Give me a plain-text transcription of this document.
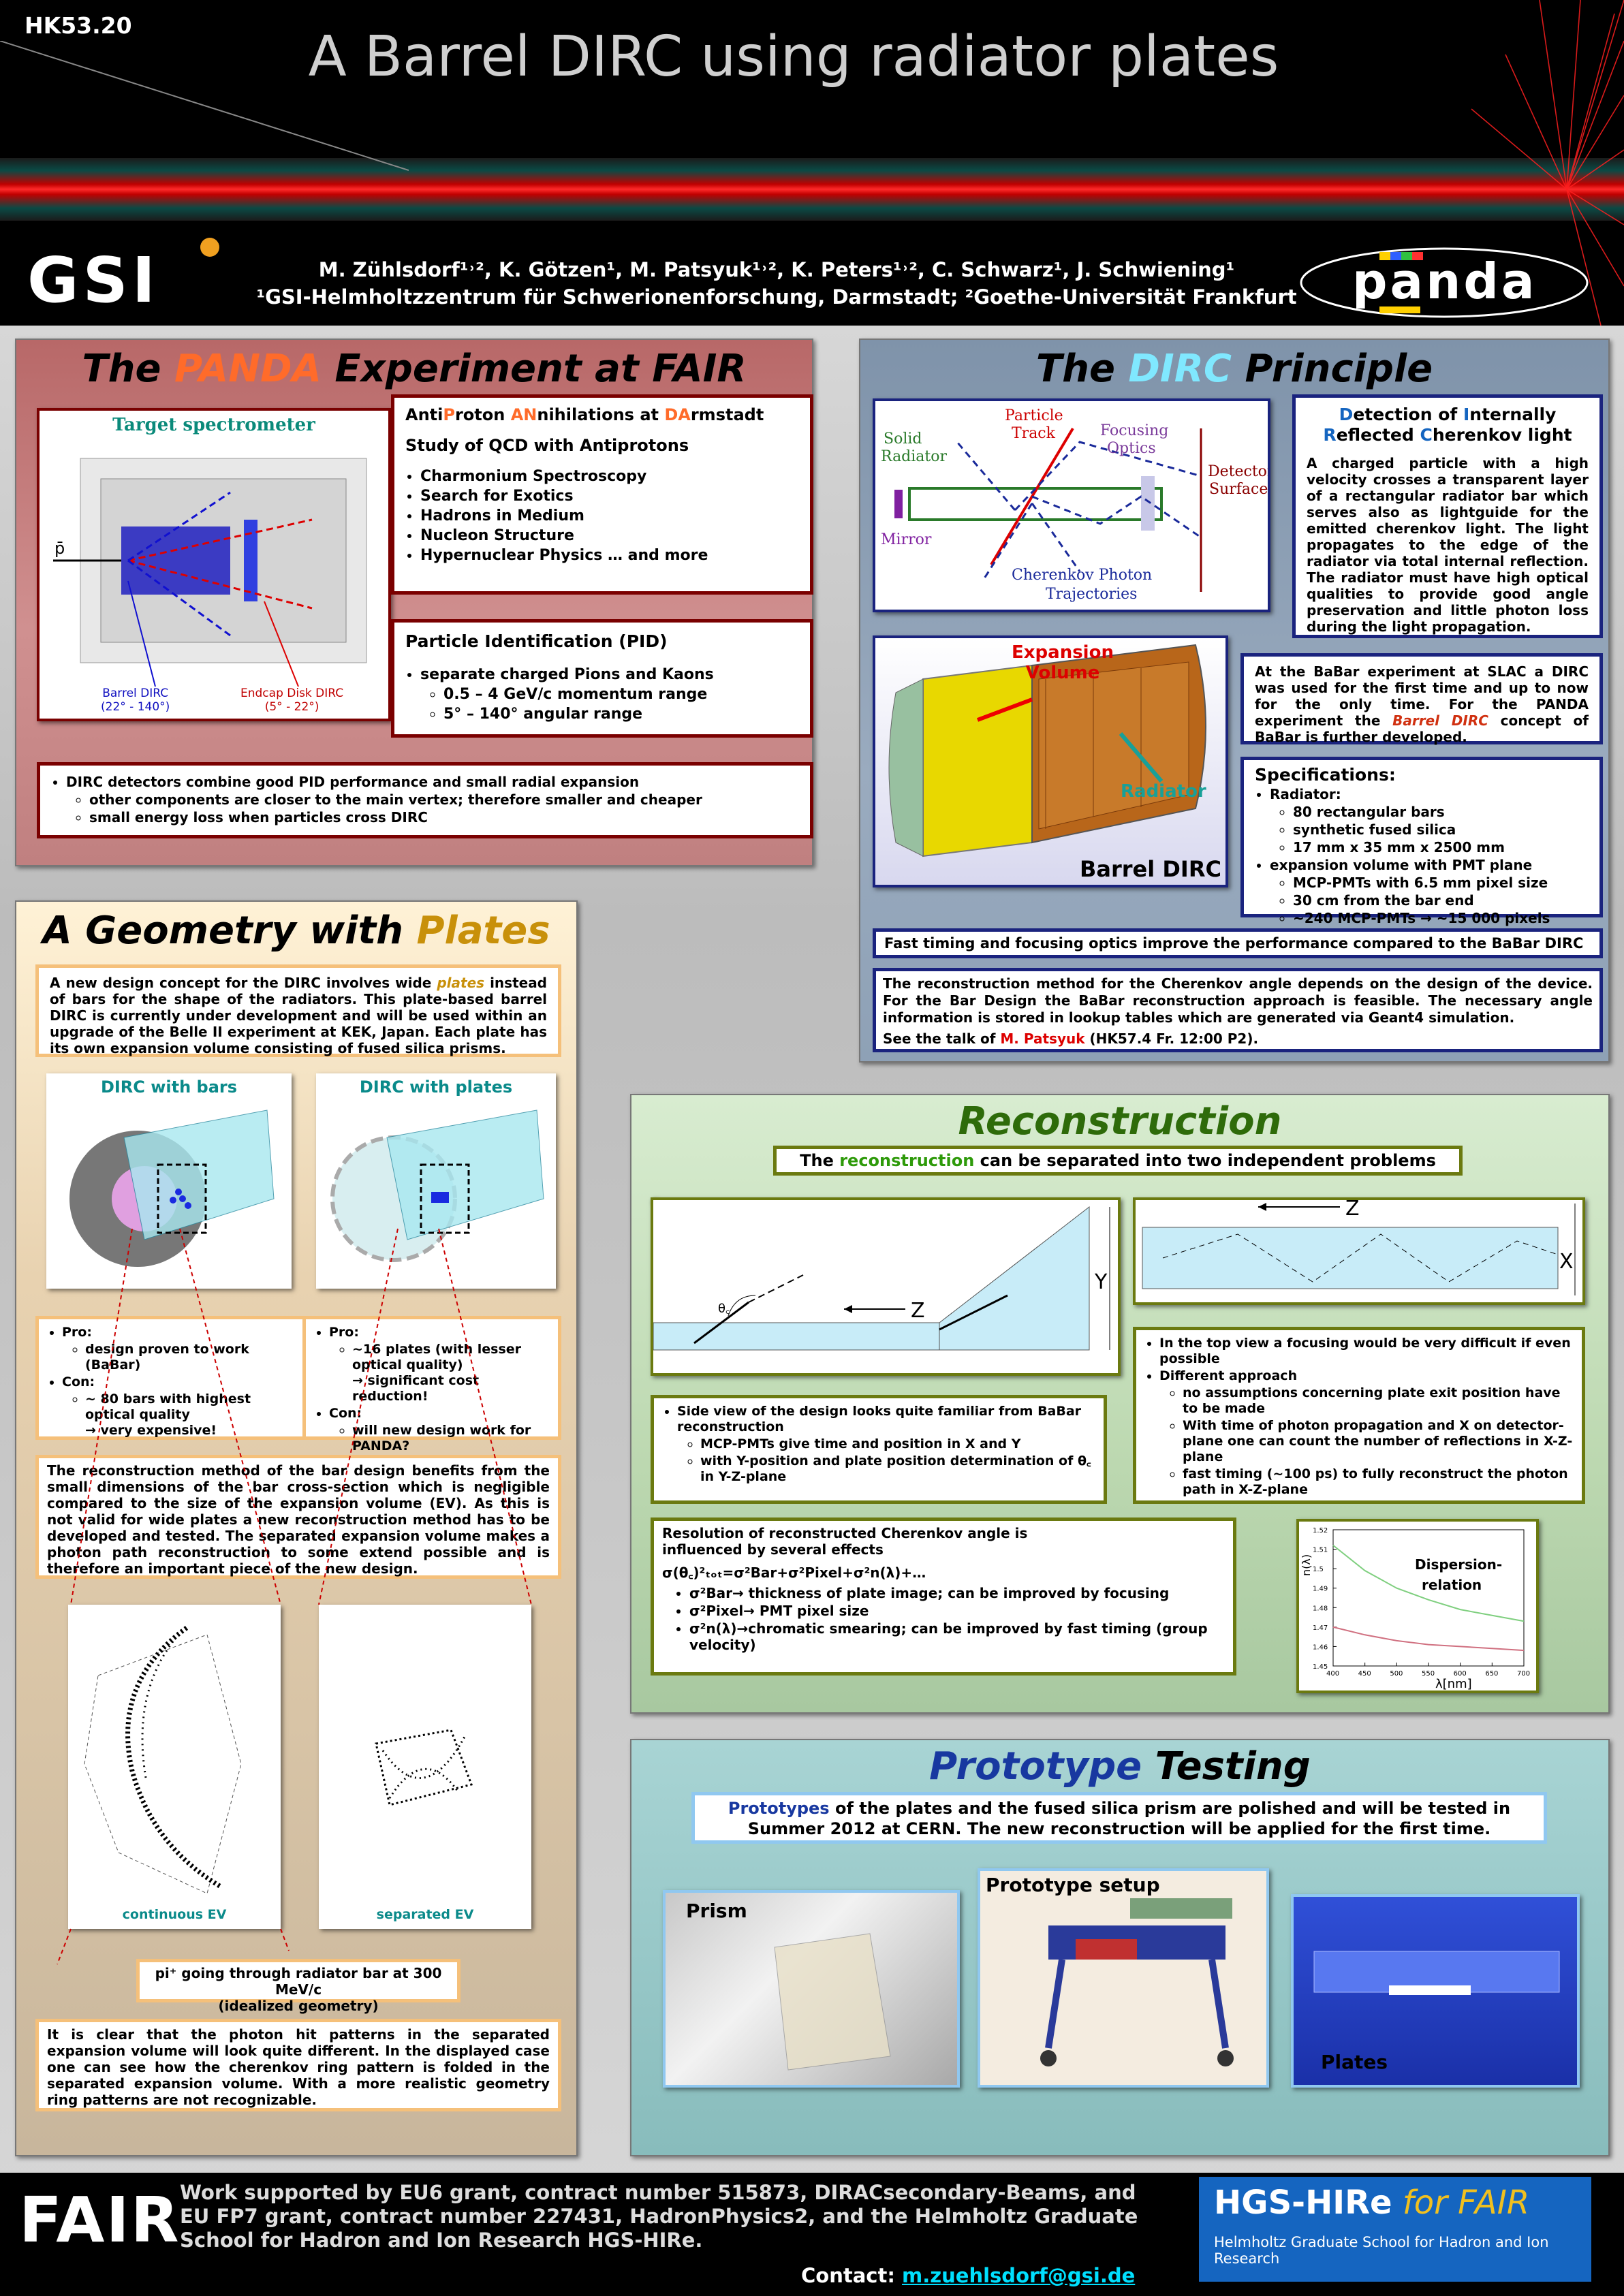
HK53.20	A Barrel DIRC using radiator plates
GSI	M. Zühlsdorf¹˒², K. Götzen¹, M. Patsyuk¹˒², K. Peters¹˒², C. Schwarz¹, J. Schwiening¹
¹GSI-Helmholtzzentrum für Schwerionenforschung, Darmstadt; ²Goethe-Universität Frankfurt	panda
The PANDA Experiment at FAIR
Target spectrometer
p̄
Barrel DIRC
(22° - 140°)
Endcap Disk DIRC
(5° - 22°)
AntiProton ANnihilations at DArmstadt
Study of QCD with Antiprotons
• Charmonium Spectroscopy
• Search for Exotics
• Hadrons in Medium
• Nucleon Structure
• Hypernuclear Physics … and more
Particle Identification (PID)
• separate charged Pions and Kaons
◦ 0.5 – 4 GeV/c momentum range
◦ 5° – 140° angular range
• DIRC detectors combine good PID performance and small radial expansion
◦ other components are closer to the main vertex; therefore smaller and cheaper
◦ small energy loss when particles cross DIRC
The DIRC Principle
Solid
Radiator
Particle
Track	Focusing
Optics
Detector
Surface
Mirror
Cherenkov Photon
Trajectories
Detection of Internally
Reflected Cherenkov light
A charged particle with a high velocity crosses a transparent layer of a rectangular radiator bar which serves also as lightguide for the emitted cherenkov light. The light propagates to the edge of the radiator via total internal reflection. The radiator must have high optical qualities to provide good angle preservation and little photon loss during the light propagation.
Expansion
Volume
Radiator
Barrel DIRC
At the BaBar experiment at SLAC a DIRC was used for the first time and up to now for the only time. For the PANDA experiment the Barrel DIRC concept of BaBar is further developed.
Specifications:
• Radiator:
◦ 80 rectangular bars
◦ synthetic fused silica
◦ 17 mm x 35 mm x 2500 mm
• expansion volume with PMT plane
◦ MCP-PMTs with 6.5 mm pixel size
◦ 30 cm from the bar end
◦ ~240 MCP-PMTs → ~15 000 pixels
Fast timing and focusing optics improve the performance compared to the BaBar DIRC
The reconstruction method for the Cherenkov angle depends on the design of the device. For the Bar Design the BaBar reconstruction approach is feasible. The necessary angle information is stored in lookup tables which are generated via Geant4 simulation.
See the talk of M. Patsyuk (HK57.4 Fr. 12:00 P2).
A Geometry with Plates
A new design concept for the DIRC involves wide plates instead of bars for the shape of the radiators. This plate-based barrel DIRC is currently under development and will be used within an upgrade of the Belle II experiment at KEK, Japan. Each plate has its own expansion volume consisting of fused silica prisms.
DIRC with bars	DIRC with plates
• Pro:
◦ design proven to work (BaBar)
• Con:
◦ ~ 80 bars with highest optical quality
→ very expensive!
• Pro:
◦ ~16 plates (with lesser optical quality)
→ significant cost reduction!
• Con:
◦ will new design work for PANDA?
The reconstruction method of the bar design benefits from the small dimensions of the bar cross-section which is negligible compared to the size of the expansion volume (EV). As this is not valid for wide plates a new reconstruction method has to be developed and tested. The separated expansion volume makes a photon path reconstruction to some extend possible and is therefore an important piece of the new design.
continuous EV	separated EV
pi⁺ going through radiator bar at 300 MeV/c
(idealized geometry)
It is clear that the photon hit patterns in the separated expansion volume will look quite different. In the displayed case one can see how the cherenkov ring pattern is folded in the separated expansion volume. With a more realistic geometry ring patterns are not recognizable.
Reconstruction
The reconstruction can be separated into two independent problems
Z
Y
θ꜀
Z
X
• Side view of the design looks quite familiar from BaBar reconstruction
◦ MCP-PMTs give time and position in X and Y
◦ with Y-position and plate position determination of θ꜀ in Y-Z-plane
• In the top view a focusing would be very difficult if even possible
• Different approach
◦ no assumptions concerning plate exit position have to be made
◦ With time of photon propagation and X on detector-plane one can count the number of reflections in X-Z-plane
◦ fast timing (~100 ps) to fully reconstruct the photon path in X-Z-plane
Resolution of reconstructed Cherenkov angle is
influenced by several effects
σ(θ꜀)²ₜₒₜ=σ²Bar+σ²Pixel+σ²n(λ)+…
• σ²Bar→ thickness of plate image; can be improved by focusing
• σ²Pixel→ PMT pixel size
• σ²n(λ)→chromatic smearing; can be improved by fast timing (group velocity)
n(λ)
λ[nm]
Dispersion-relation
400	450	500	550	600	650	700
1.45
1.46
1.47
1.48
1.49
1.5
1.51
1.52
Prototype Testing
Prototypes of the plates and the fused silica prism are polished and will be tested in Summer 2012 at CERN. The new reconstruction will be applied for the first time.
Prism
Prototype setup
Plates
FAIR Work supported by EU6 grant, contract number 515873, DIRACsecondary-Beams, and EU FP7 grant, contract number 227431, HadronPhysics2, and the Helmholtz Graduate School for Hadron and Ion Research HGS-HIRe.
Contact: m.zuehlsdorf@gsi.de
HGS-HIRe for FAIR
Helmholtz Graduate School for Hadron and Ion Research
